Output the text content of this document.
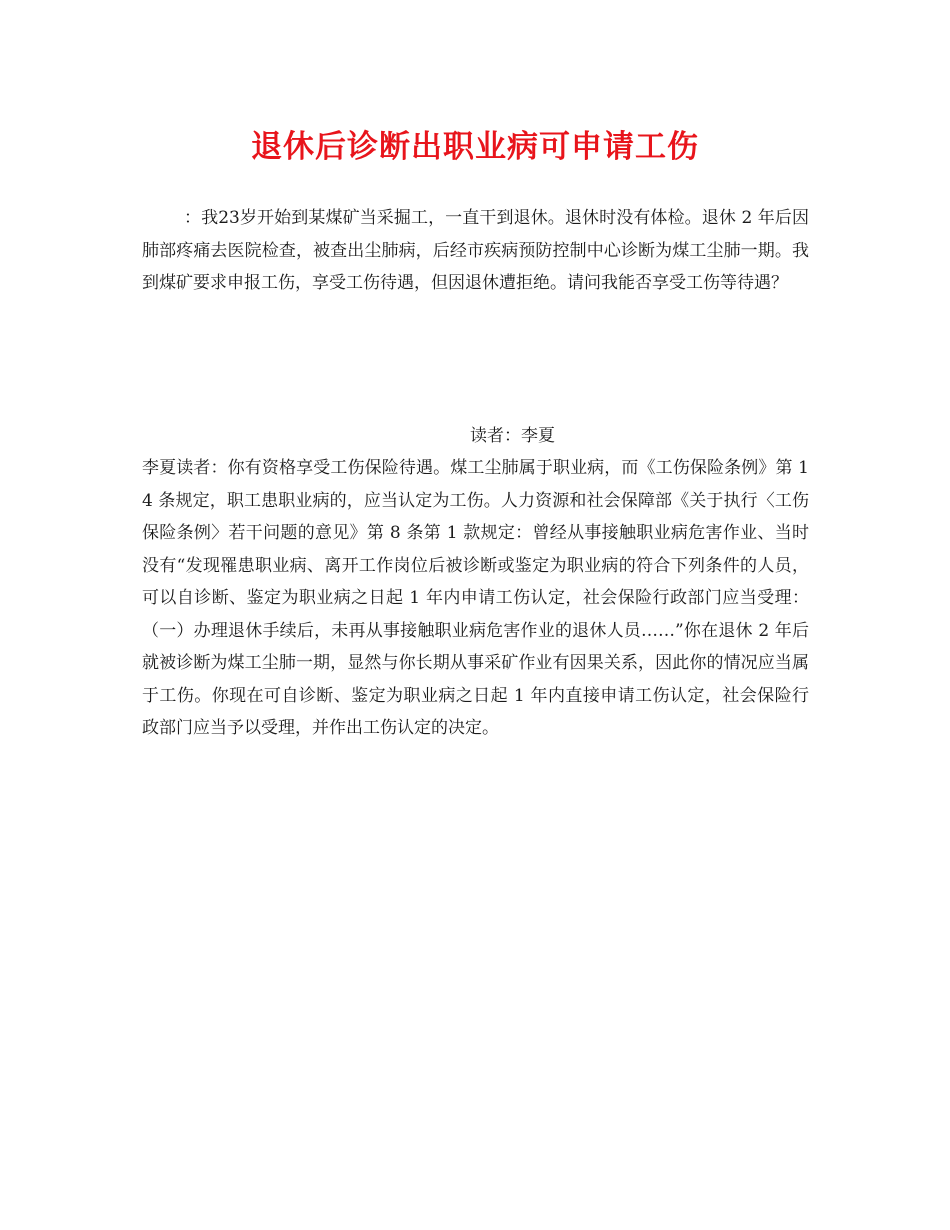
退休后诊断出职业病可申请工伤

：我23岁开始到某煤矿当采掘工，一直干到退休。退休时没有体检。退休 2 年后因肺部疼痛去医院检查，被查出尘肺病，后经市疾病预防控制中心诊断为煤工尘肺一期。我到煤矿要求申报工伤，享受工伤待遇，但因退休遭拒绝。请问我能否享受工伤等待遇？

读者：李夏

李夏读者：你有资格享受工伤保险待遇。煤工尘肺属于职业病，而《工伤保险条例》第 14 条规定，职工患职业病的，应当认定为工伤。人力资源和社会保障部《关于执行〈工伤保险条例〉若干问题的意见》第 8 条第 1 款规定：曾经从事接触职业病危害作业、当时没有“发现罹患职业病、离开工作岗位后被诊断或鉴定为职业病的符合下列条件的人员，可以自诊断、鉴定为职业病之日起 1 年内申请工伤认定，社会保险行政部门应当受理：（一）办理退休手续后，未再从事接触职业病危害作业的退休人员……”你在退休 2 年后就被诊断为煤工尘肺一期，显然与你长期从事采矿作业有因果关系，因此你的情况应当属于工伤。你现在可自诊断、鉴定为职业病之日起 1 年内直接申请工伤认定，社会保险行政部门应当予以受理，并作出工伤认定的决定。
